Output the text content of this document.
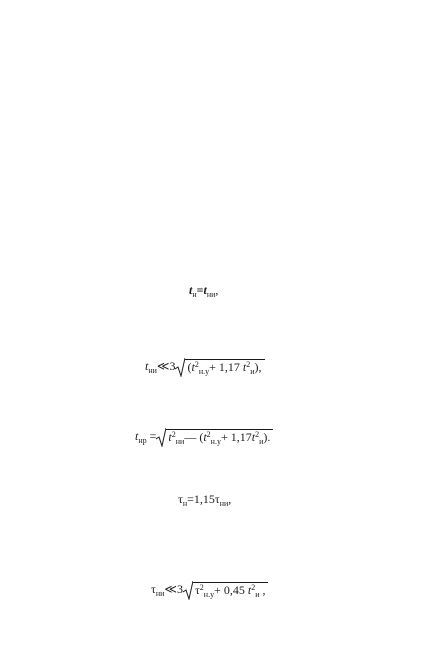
$t_н=t_{ни}$,
$t_{ни}≪3$ ($t^2_{н.у}+ 1,17$ $t^2_и$),
$t_{нр}$ = $t^2_{ни}—$ $(t^2_{н.у}+ 1,17t^2_и)$.
$\tau_н=1,15\tau_{ни}$,
$\tau_{ни}≪3$ $\tau^2_{н.у}+ 0,45$ $t^2_и$ ,
